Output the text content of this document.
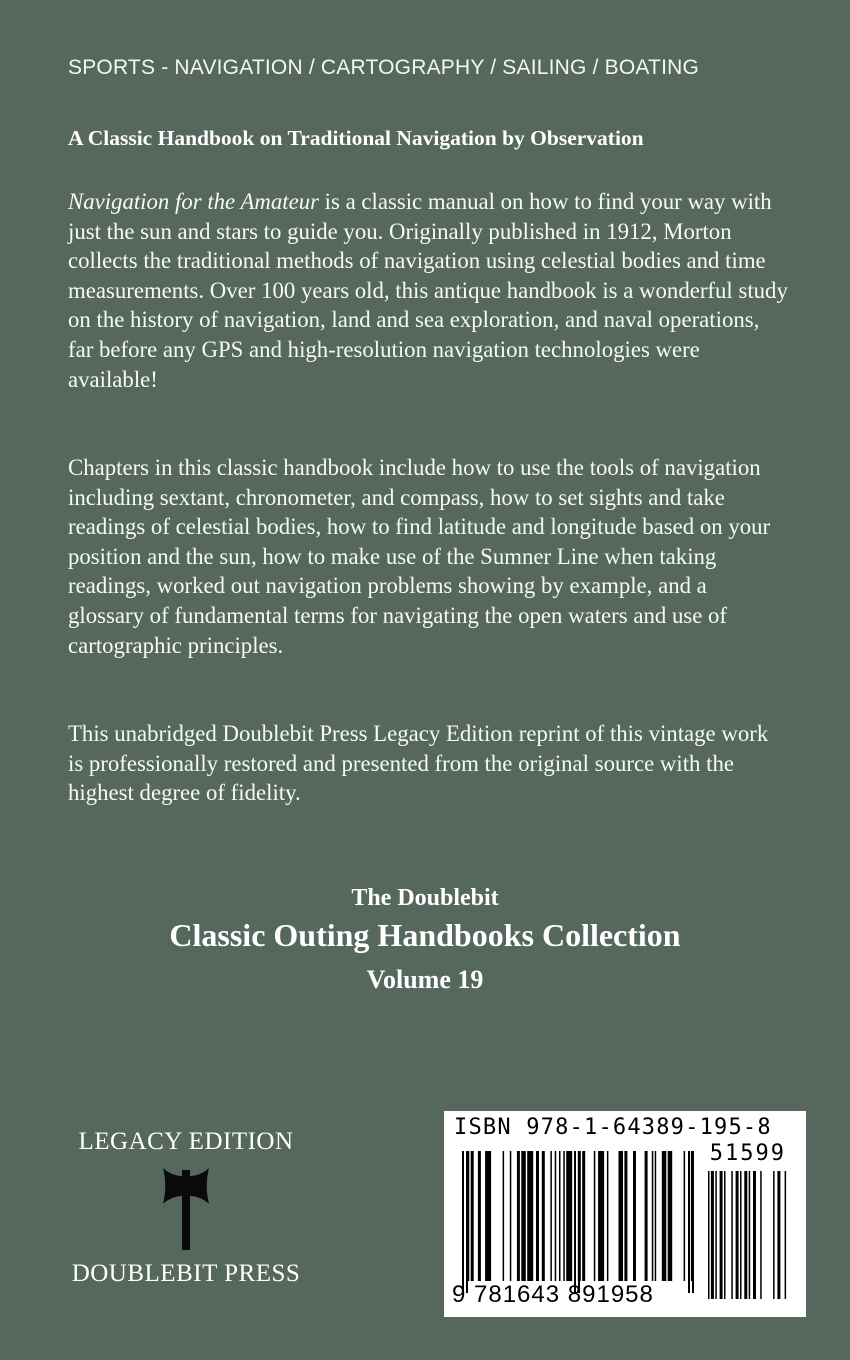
SPORTS - NAVIGATION / CARTOGRAPHY / SAILING / BOATING
A Classic Handbook on Traditional Navigation by Observation

Navigation for the Amateur is a classic manual on how to find your way with just the sun and stars to guide you. Originally published in 1912, Morton collects the traditional methods of navigation using celestial bodies and time measurements. Over 100 years old, this antique handbook is a wonderful study on the history of navigation, land and sea exploration, and naval operations, far before any GPS and high-resolution navigation technologies were available!

Chapters in this classic handbook include how to use the tools of navigation including sextant, chronometer, and compass, how to set sights and take readings of celestial bodies, how to find latitude and longitude based on your position and the sun, how to make use of the Sumner Line when taking readings, worked out navigation problems showing by example, and a glossary of fundamental terms for navigating the open waters and use of cartographic principles.

This unabridged Doublebit Press Legacy Edition reprint of this vintage work is professionally restored and presented from the original source with the highest degree of fidelity.

The Doublebit
Classic Outing Handbooks Collection
Volume 19
LEGACY EDITION
DOUBLEBIT PRESS
ISBN 978-1-64389-195-8
51599
9 781643 891958
